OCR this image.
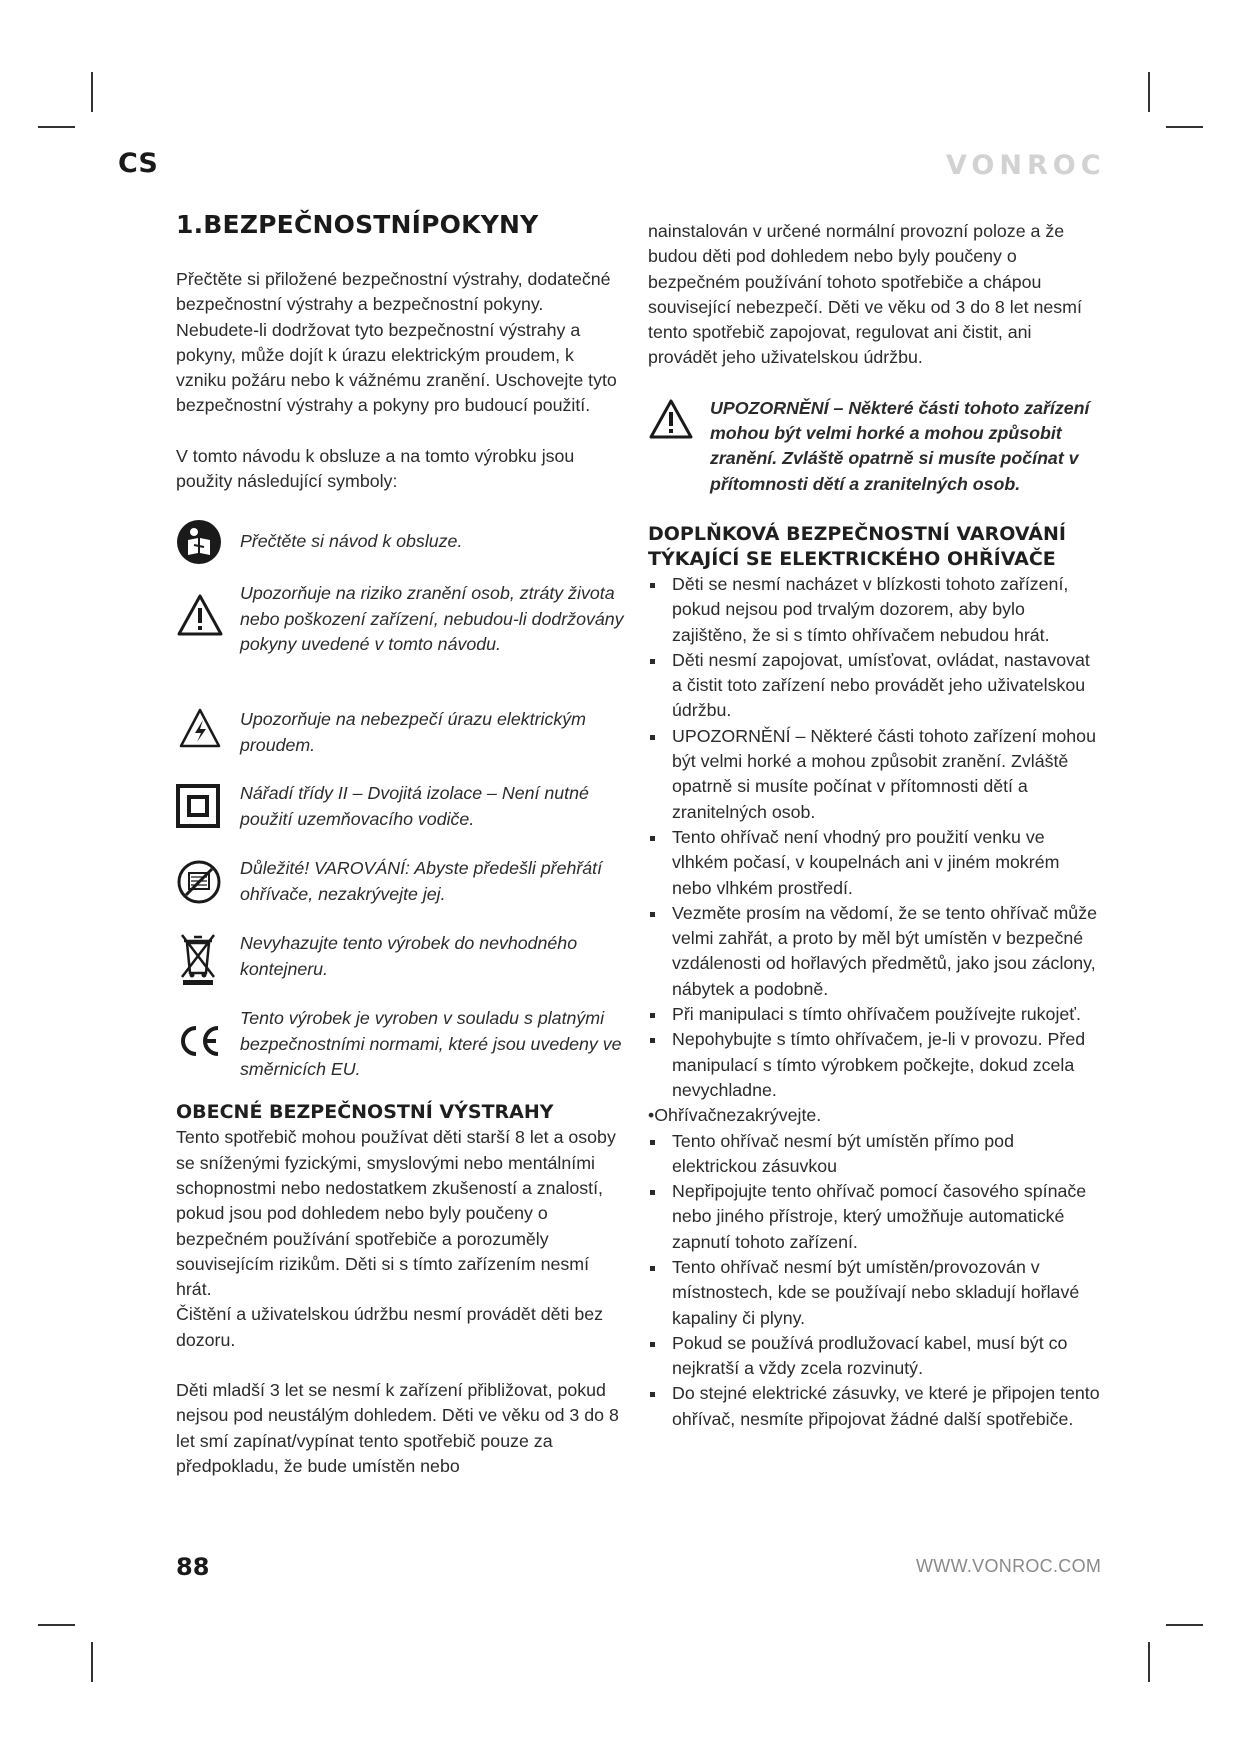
CS	VONROC
1.BEZPEČNOSTNÍPOKYNY

Přečtěte si přiložené bezpečnostní výstrahy, dodatečné bezpečnostní výstrahy a bezpečnostní pokyny. Nebudete-li dodržovat tyto bezpečnostní výstrahy a pokyny, může dojít k úrazu elektrickým proudem, k vzniku požáru nebo k vážnému zranění. Uschovejte tyto bezpečnostní výstrahy a pokyny pro budoucí použití.

V tomto návodu k obsluze a na tomto výrobku jsou použity následující symboly:

Přečtěte si návod k obsluze.
Upozorňuje na riziko zranění osob, ztráty života nebo poškození zařízení, nebudou-li dodržovány pokyny uvedené v tomto návodu.
Upozorňuje na nebezpečí úrazu elektrickým proudem.
Nářadí třídy II – Dvojitá izolace – Není nutné použití uzemňovacího vodiče.
Důležité! VAROVÁNÍ: Abyste předešli přehřátí ohřívače, nezakrývejte jej.
Nevyhazujte tento výrobek do nevhodného kontejneru.
Tento výrobek je vyroben v souladu s platnými bezpečnostními normami, které jsou uvedeny ve směrnicích EU.
OBECNÉ BEZPEČNOSTNÍ VÝSTRAHY

Tento spotřebič mohou používat děti starší 8 let a osoby se sníženými fyzickými, smyslovými nebo mentálními schopnostmi nebo nedostatkem zkušeností a znalostí, pokud jsou pod dohledem nebo byly poučeny o bezpečném používání spotřebiče a porozuměly souvisejícím rizikům. Děti si s tímto zařízením nesmí hrát.

Čištění a uživatelskou údržbu nesmí provádět děti bez dozoru.

Děti mladší 3 let se nesmí k zařízení přibližovat, pokud nejsou pod neustálým dohledem. Děti ve věku od 3 do 8 let smí zapínat/vypínat tento spotřebič pouze za předpokladu, že bude umístěn nebo

nainstalován v určené normální provozní poloze a že budou děti pod dohledem nebo byly poučeny o bezpečném používání tohoto spotřebiče a chápou související nebezpečí. Děti ve věku od 3 do 8 let nesmí tento spotřebič zapojovat, regulovat ani čistit, ani provádět jeho uživatelskou údržbu.

UPOZORNĚNÍ – Některé části tohoto zařízení mohou být velmi horké a mohou způsobit zranění. Zvláště opatrně si musíte počínat v přítomnosti dětí a zranitelných osob.
DOPLŇKOVÁ BEZPEČNOSTNÍ VAROVÁNÍ TÝKAJÍCÍ SE ELEKTRICKÉHO OHŘÍVAČE
Děti se nesmí nacházet v blízkosti tohoto zařízení, pokud nejsou pod trvalým dozorem, aby bylo zajištěno, že si s tímto ohřívačem nebudou hrát.
Děti nesmí zapojovat, umísťovat, ovládat, nastavovat a čistit toto zařízení nebo provádět jeho uživatelskou údržbu.
UPOZORNĚNÍ – Některé části tohoto zařízení mohou být velmi horké a mohou způsobit zranění. Zvláště opatrně si musíte počínat v přítomnosti dětí a zranitelných osob.
Tento ohřívač není vhodný pro použití venku ve vlhkém počasí, v koupelnách ani v jiném mokrém nebo vlhkém prostředí.
Vezměte prosím na vědomí, že se tento ohřívač může velmi zahřát, a proto by měl být umístěn v bezpečné vzdálenosti od hořlavých předmětů, jako jsou záclony, nábytek a podobně.
Při manipulaci s tímto ohřívačem používejte rukojeť.
Nepohybujte s tímto ohřívačem, je-li v provozu. Před manipulací s tímto výrobkem počkejte, dokud zcela nevychladne.

•Ohřívačnezakrývejte.

Tento ohřívač nesmí být umístěn přímo pod elektrickou zásuvkou
Nepřipojujte tento ohřívač pomocí časového spínače nebo jiného přístroje, který umožňuje automatické zapnutí tohoto zařízení.
Tento ohřívač nesmí být umístěn/provozován v místnostech, kde se používají nebo skladují hořlavé kapaliny či plyny.
Pokud se používá prodlužovací kabel, musí být co nejkratší a vždy zcela rozvinutý.
Do stejné elektrické zásuvky, ve které je připojen tento ohřívač, nesmíte připojovat žádné další spotřebiče.
88	WWW.VONROC.COM
